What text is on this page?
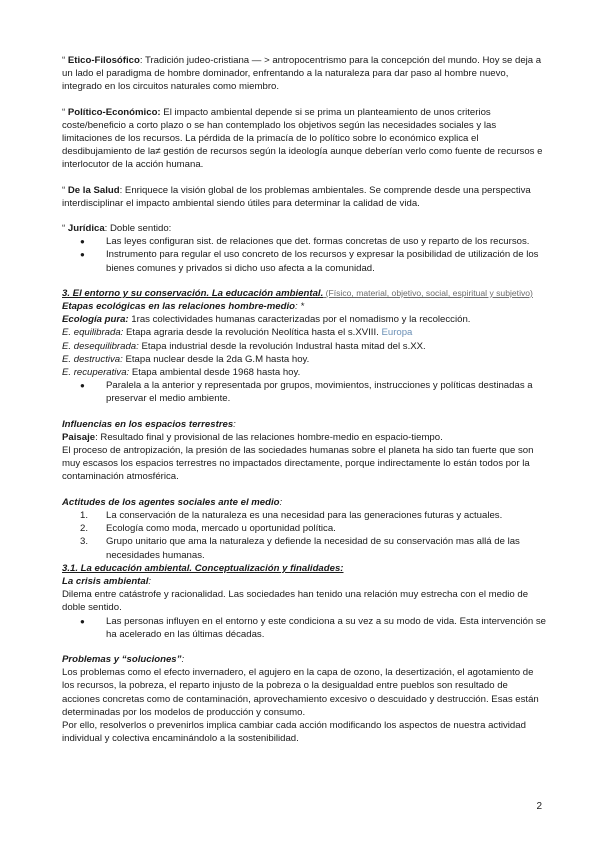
“ Etico-Filosófico: Tradición judeo-cristiana — > antropocentrismo para la concepción del mundo. Hoy se deja a un lado el paradigma de hombre dominador, enfrentando a la naturaleza para dar paso al hombre nuevo, integrado en los circuitos naturales como miembro.

“ Político-Económico: El impacto ambiental depende si se prima un planteamiento de unos criterios coste/beneficio a corto plazo o se han contemplado los objetivos según las necesidades sociales y las limitaciones de los recursos. La pérdida de la primacía de lo político sobre lo económico explica el desdibujamiento de la≠ gestión de recursos según la ideología aunque deberían verlo como fuente de recursos e interlocutor de la acción humana.

“ De la Salud: Enriquece la visión global de los problemas ambientales. Se comprende desde una perspectiva interdisciplinar el impacto ambiental siendo útiles para determinar la calidad de vida.

“ Jurídica: Doble sentido:

● Las leyes configuran sist. de relaciones que det. formas concretas de uso y reparto de los recursos.
● Instrumento para regular el uso concreto de los recursos y expresar la posibilidad de utilización de los bienes comunes y privados si dicho uso afecta a la comunidad.

3. El entorno y su conservación. La educación ambiental. (Físico, material, objetivo, social, espiritual y subjetivo)

Etapas ecológicas en las relaciones hombre-medio: *

Ecología pura: 1ras colectividades humanas caracterizadas por el nomadismo y la recolección.

E. equilibrada: Etapa agraria desde la revolución Neolítica hasta el s.XVIII. Europa

E. desequilibrada: Etapa industrial desde la revolución Industral hasta mitad del s.XX.

E. destructiva: Etapa nuclear desde la 2da G.M hasta hoy.

E. recuperativa: Etapa ambiental desde 1968 hasta hoy.

● Paralela a la anterior y representada por grupos, movimientos, instrucciones y políticas destinadas a preservar el medio ambiente.

Influencias en los espacios terrestres:

Paisaje: Resultado final y provisional de las relaciones hombre-medio en espacio-tiempo.

El proceso de antropización, la presión de las sociedades humanas sobre el planeta ha sido tan fuerte que son muy escasos los espacios terrestres no impactados directamente, porque indirectamente lo están todos por la contaminación atmosférica.

Actitudes de los agentes sociales ante el medio:

1. La conservación de la naturaleza es una necesidad para las generaciones futuras y actuales.
2. Ecología como moda, mercado u oportunidad política.
3. Grupo unitario que ama la naturaleza y defiende la necesidad de su conservación mas allá de las necesidades humanas.

3.1. La educación ambiental. Conceptualización y finalidades:

La crisis ambiental:

Dilema entre catástrofe y racionalidad. Las sociedades han tenido una relación muy estrecha con el medio de doble sentido.

● Las personas influyen en el entorno y este condiciona a su vez a su modo de vida. Esta intervención se ha acelerado en las últimas décadas.

Problemas y “soluciones”:

Los problemas como el efecto invernadero, el agujero en la capa de ozono, la desertización, el agotamiento de los recursos, la pobreza, el reparto injusto de la pobreza o la desigualdad entre pueblos son resultado de acciones concretas como de contaminación, aprovechamiento excesivo o descuidado y destrucción. Esas están determinadas por los modelos de producción y consumo.

Por ello, resolverlos o prevenirlos implica cambiar cada acción modificando los aspectos de nuestra actividad individual y colectiva encaminándolo a la sostenibilidad.

2
